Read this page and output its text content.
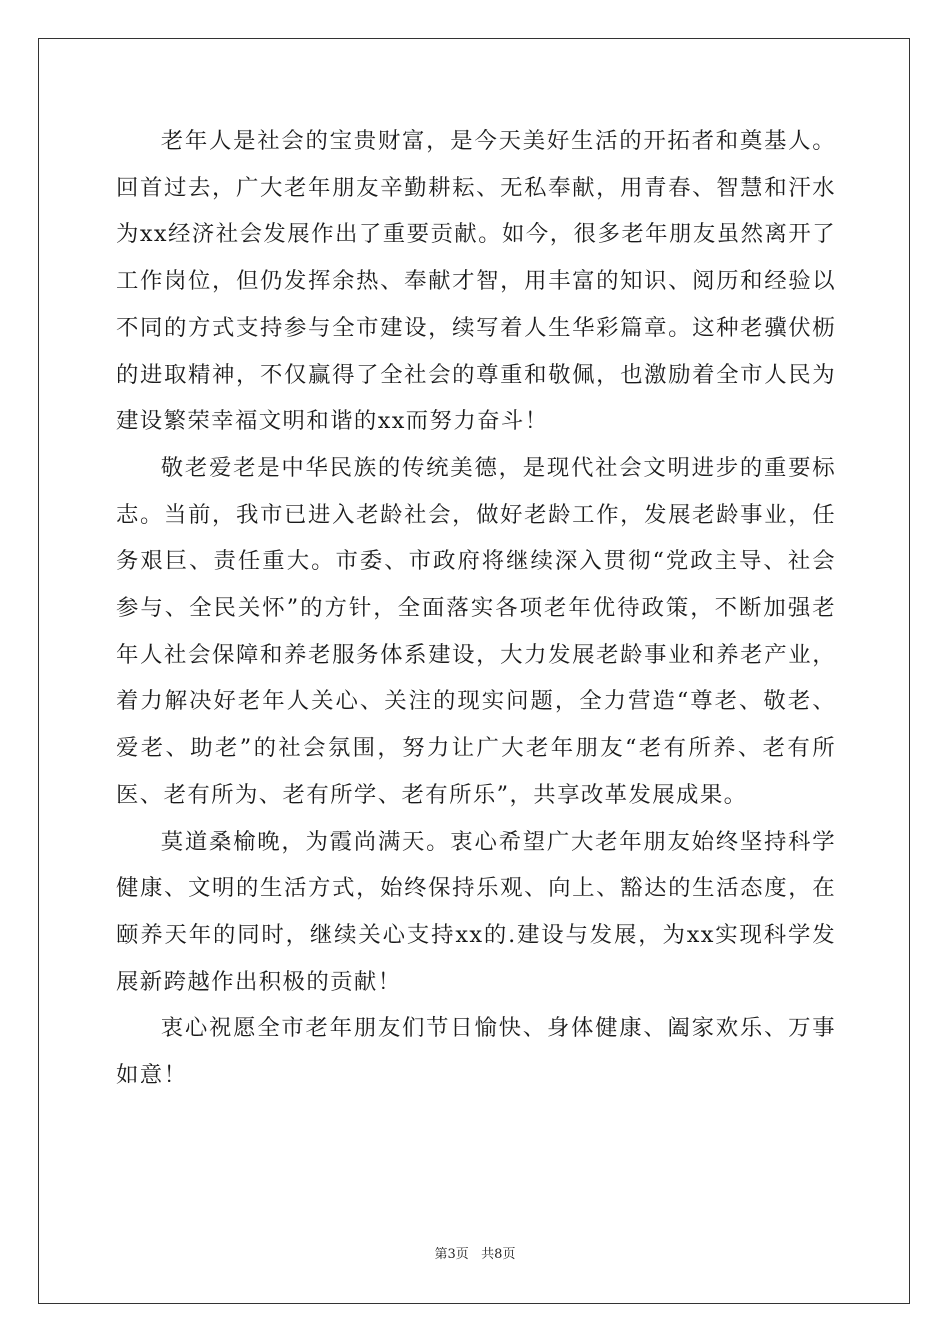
老年人是社会的宝贵财富，是今天美好生活的开拓者和奠基人。回首过去，广大老年朋友辛勤耕耘、无私奉献，用青春、智慧和汗水为xx经济社会发展作出了重要贡献。如今，很多老年朋友虽然离开了工作岗位，但仍发挥余热、奉献才智，用丰富的知识、阅历和经验以不同的方式支持参与全市建设，续写着人生华彩篇章。这种老骥伏枥的进取精神，不仅赢得了全社会的尊重和敬佩，也激励着全市人民为建设繁荣幸福文明和谐的xx而努力奋斗！

敬老爱老是中华民族的传统美德，是现代社会文明进步的重要标志。当前，我市已进入老龄社会，做好老龄工作，发展老龄事业，任务艰巨、责任重大。市委、市政府将继续深入贯彻“党政主导、社会参与、全民关怀”的方针，全面落实各项老年优待政策，不断加强老年人社会保障和养老服务体系建设，大力发展老龄事业和养老产业，着力解决好老年人关心、关注的现实问题，全力营造“尊老、敬老、爱老、助老”的社会氛围，努力让广大老年朋友“老有所养、老有所医、老有所为、老有所学、老有所乐”，共享改革发展成果。

莫道桑榆晚，为霞尚满天。衷心希望广大老年朋友始终坚持科学健康、文明的生活方式，始终保持乐观、向上、豁达的生活态度，在颐养天年的同时，继续关心支持xx的.建设与发展，为xx实现科学发展新跨越作出积极的贡献！

衷心祝愿全市老年朋友们节日愉快、身体健康、阖家欢乐、万事如意！

第3页   共8页
